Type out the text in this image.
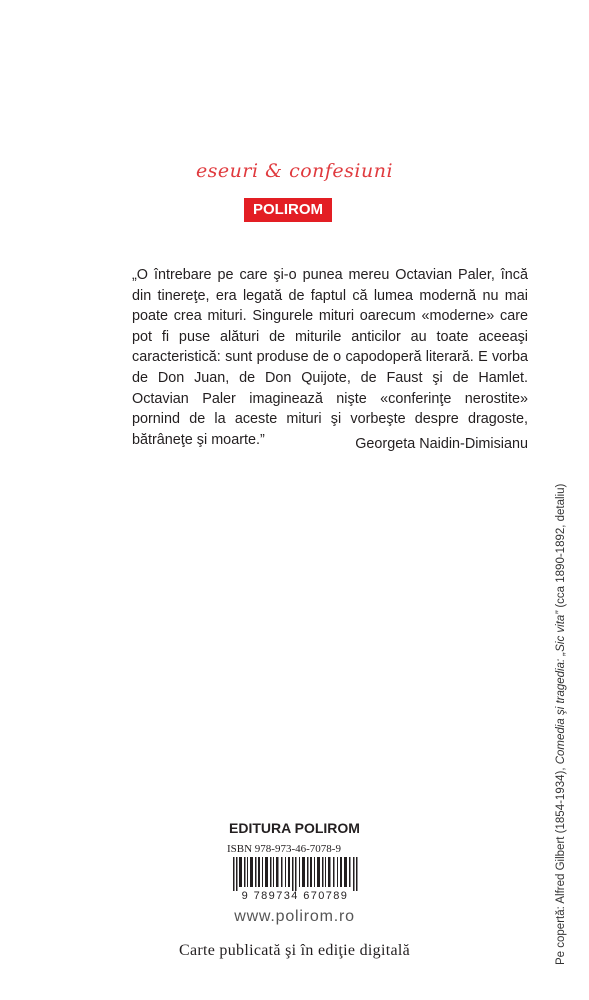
eseuri & confesiuni
POLIROM

„O întrebare pe care şi-o punea mereu Octavian Paler, încă din tinereţe, era legată de faptul că lumea modernă nu mai poate crea mituri. Singurele mituri oarecum «moderne» care pot fi puse alături de miturile anticilor au toate aceeaşi caracteristică: sunt produse de o capodoperă literară. E vorba de Don Juan, de Don Quijote, de Faust şi de Hamlet. Octavian Paler imaginează nişte «conferinţe nerostite» pornind de la aceste mituri şi vorbeşte despre dragoste, bătrâneţe şi moarte.”	Georgeta Naidin-Dimisianu
EDITURA POLIROM
ISBN 978-973-46-7078-9
9 789734 670789
www.polirom.ro
Carte publicată şi în ediţie digitală	Pe copertă: Alfred Gilbert (1854-1934), Comedia şi tragedia: „Sic vita” (cca 1890-1892, detaliu)
